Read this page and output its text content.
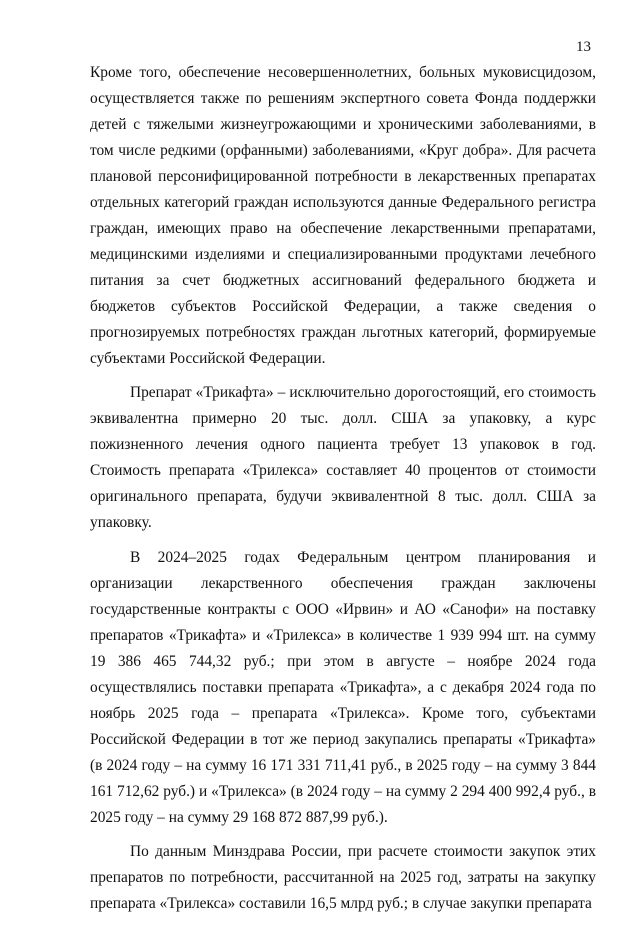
13

Кроме того, обеспечение несовершеннолетних, больных муковисцидозом, осуществляется также по решениям экспертного совета Фонда поддержки детей с тяжелыми жизнеугрожающими и хроническими заболеваниями, в том числе редкими (орфанными) заболеваниями, «Круг добра». Для расчета плановой персонифицированной потребности в лекарственных препаратах отдельных категорий граждан используются данные Федерального регистра граждан, имеющих право на обеспечение лекарственными препаратами, медицинскими изделиями и специализированными продуктами лечебного питания за счет бюджетных ассигнований федерального бюджета и бюджетов субъектов Российской Федерации, а также сведения о прогнозируемых потребностях граждан льготных категорий, формируемые субъектами Российской Федерации.

Препарат «Трикафта» – исключительно дорогостоящий, его стоимость эквивалентна примерно 20 тыс. долл. США за упаковку, а курс пожизненного лечения одного пациента требует 13 упаковок в год. Стоимость препарата «Трилекса» составляет 40 процентов от стоимости оригинального препарата, будучи эквивалентной 8 тыс. долл. США за упаковку.

В 2024–2025 годах Федеральным центром планирования и организации лекарственного обеспечения граждан заключены государственные контракты с ООО «Ирвин» и АО «Санофи» на поставку препаратов «Трикафта» и «Трилекса» в количестве 1 939 994 шт. на сумму 19 386 465 744,32 руб.; при этом в августе – ноябре 2024 года осуществлялись поставки препарата «Трикафта», а с декабря 2024 года по ноябрь 2025 года – препарата «Трилекса». Кроме того, субъектами Российской Федерации в тот же период закупались препараты «Трикафта» (в 2024 году – на сумму 16 171 331 711,41 руб., в 2025 году – на сумму 3 844 161 712,62 руб.) и «Трилекса» (в 2024 году – на сумму 2 294 400 992,4 руб., в 2025 году – на сумму 29 168 872 887,99 руб.).

По данным Минздрава России, при расчете стоимости закупок этих препаратов по потребности, рассчитанной на 2025 год, затраты на закупку препарата «Трилекса» составили 16,5 млрд руб.; в случае закупки препарата
